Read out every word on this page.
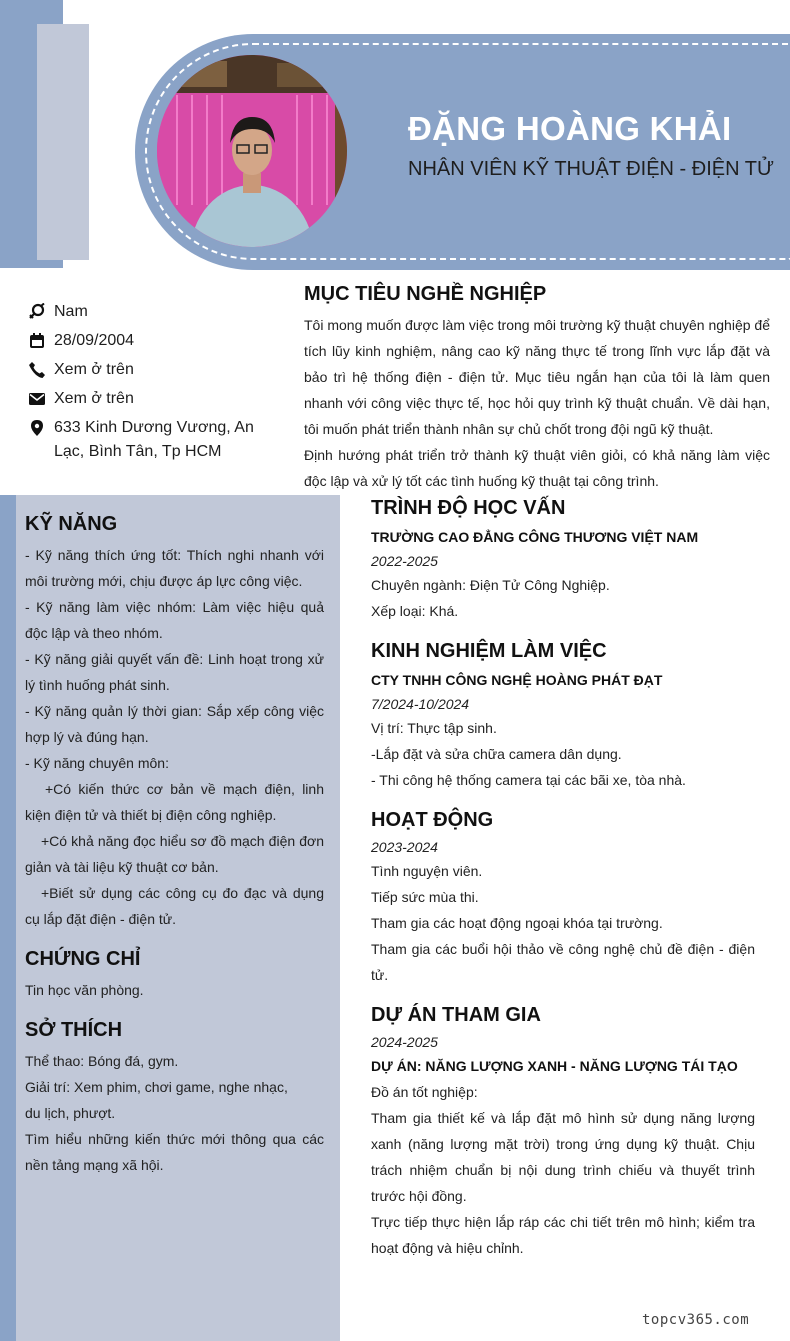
ĐẶNG HOÀNG KHẢI
NHÂN VIÊN KỸ THUẬT ĐIỆN - ĐIỆN TỬ
Nam
28/09/2004
Xem ở trên
Xem ở trên
633 Kinh Dương Vương, An Lạc, Bình Tân, Tp HCM
MỤC TIÊU NGHỀ NGHIỆP
Tôi mong muốn được làm việc trong môi trường kỹ thuật chuyên nghiệp để tích lũy kinh nghiệm, nâng cao kỹ năng thực tế trong lĩnh vực lắp đặt và bảo trì hệ thống điện - điện tử. Mục tiêu ngắn hạn của tôi là làm quen nhanh với công việc thực tế, học hỏi quy trình kỹ thuật chuẩn. Về dài hạn, tôi muốn phát triển thành nhân sự chủ chốt trong đội ngũ kỹ thuật.
Định hướng phát triển trở thành kỹ thuật viên giỏi, có khả năng làm việc độc lập và xử lý tốt các tình huống kỹ thuật tại công trình.
KỸ NĂNG
- Kỹ năng thích ứng tốt: Thích nghi nhanh với môi trường mới, chịu được áp lực công việc.
- Kỹ năng làm việc nhóm: Làm việc hiệu quả độc lập và theo nhóm.
- Kỹ năng giải quyết vấn đề: Linh hoạt trong xử lý tình huống phát sinh.
- Kỹ năng quản lý thời gian: Sắp xếp công việc hợp lý và đúng hạn.
- Kỹ năng chuyên môn:
+Có kiến thức cơ bản về mạch điện, linh kiện điện tử và thiết bị điện công nghiệp.
+Có khả năng đọc hiểu sơ đồ mạch điện đơn giản và tài liệu kỹ thuật cơ bản.
+Biết sử dụng các công cụ đo đạc và dụng cụ lắp đặt điện - điện tử.
CHỨNG CHỈ
Tin học văn phòng.
SỞ THÍCH
Thể thao: Bóng đá, gym.
Giải trí: Xem phim, chơi game, nghe nhạc,
du lịch, phượt.
Tìm hiểu những kiến thức mới thông qua các nền tảng mạng xã hội.
TRÌNH ĐỘ HỌC VẤN
TRƯỜNG CAO ĐẲNG CÔNG THƯƠNG VIỆT NAM
2022-2025
Chuyên ngành: Điện Tử Công Nghiệp.
Xếp loại: Khá.
KINH NGHIỆM LÀM VIỆC
CTY TNHH CÔNG NGHỆ HOÀNG PHÁT ĐẠT
7/2024-10/2024
Vị trí: Thực tập sinh.
-Lắp đặt và sửa chữa camera dân dụng.
- Thi công hệ thống camera tại các bãi xe, tòa nhà.
HOẠT ĐỘNG
2023-2024
Tình nguyện viên.
Tiếp sức mùa thi.
Tham gia các hoạt động ngoại khóa tại trường.
Tham gia các buổi hội thảo về công nghệ chủ đề điện - điện tử.
DỰ ÁN THAM GIA
2024-2025
DỰ ÁN: NĂNG LƯỢNG XANH - NĂNG LƯỢNG TÁI TẠO
Đồ án tốt nghiệp:
Tham gia thiết kế và lắp đặt mô hình sử dụng năng lượng xanh (năng lượng mặt trời) trong ứng dụng kỹ thuật. Chịu trách nhiệm chuẩn bị nội dung trình chiếu và thuyết trình trước hội đồng.
Trực tiếp thực hiện lắp ráp các chi tiết trên mô hình; kiểm tra hoạt động và hiệu chỉnh.
topcv365.com
